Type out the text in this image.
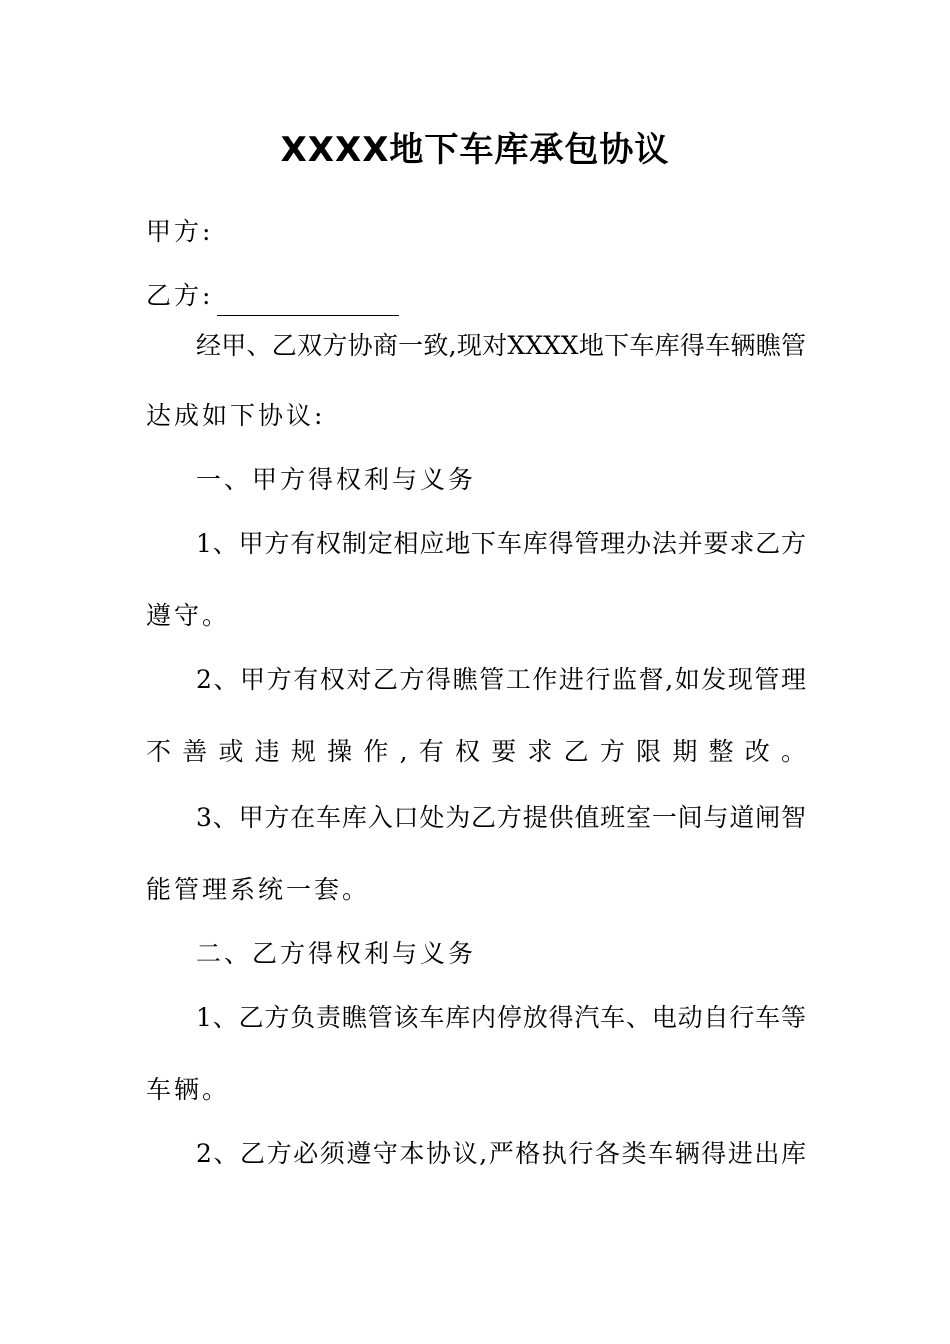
XXXX地下车库承包协议
甲方:
乙方:
经甲、乙双方协商一致,现对XXXX地下车库得车辆瞧管
达成如下协议:
一、甲方得权利与义务
1、甲方有权制定相应地下车库得管理办法并要求乙方
遵守。
2、甲方有权对乙方得瞧管工作进行监督,如发现管理
不善或违规操作,有权要求乙方限期整改。
3、甲方在车库入口处为乙方提供值班室一间与道闸智
能管理系统一套。
二、乙方得权利与义务
1、乙方负责瞧管该车库内停放得汽车、电动自行车等
车辆。
2、乙方必须遵守本协议,严格执行各类车辆得进出库
